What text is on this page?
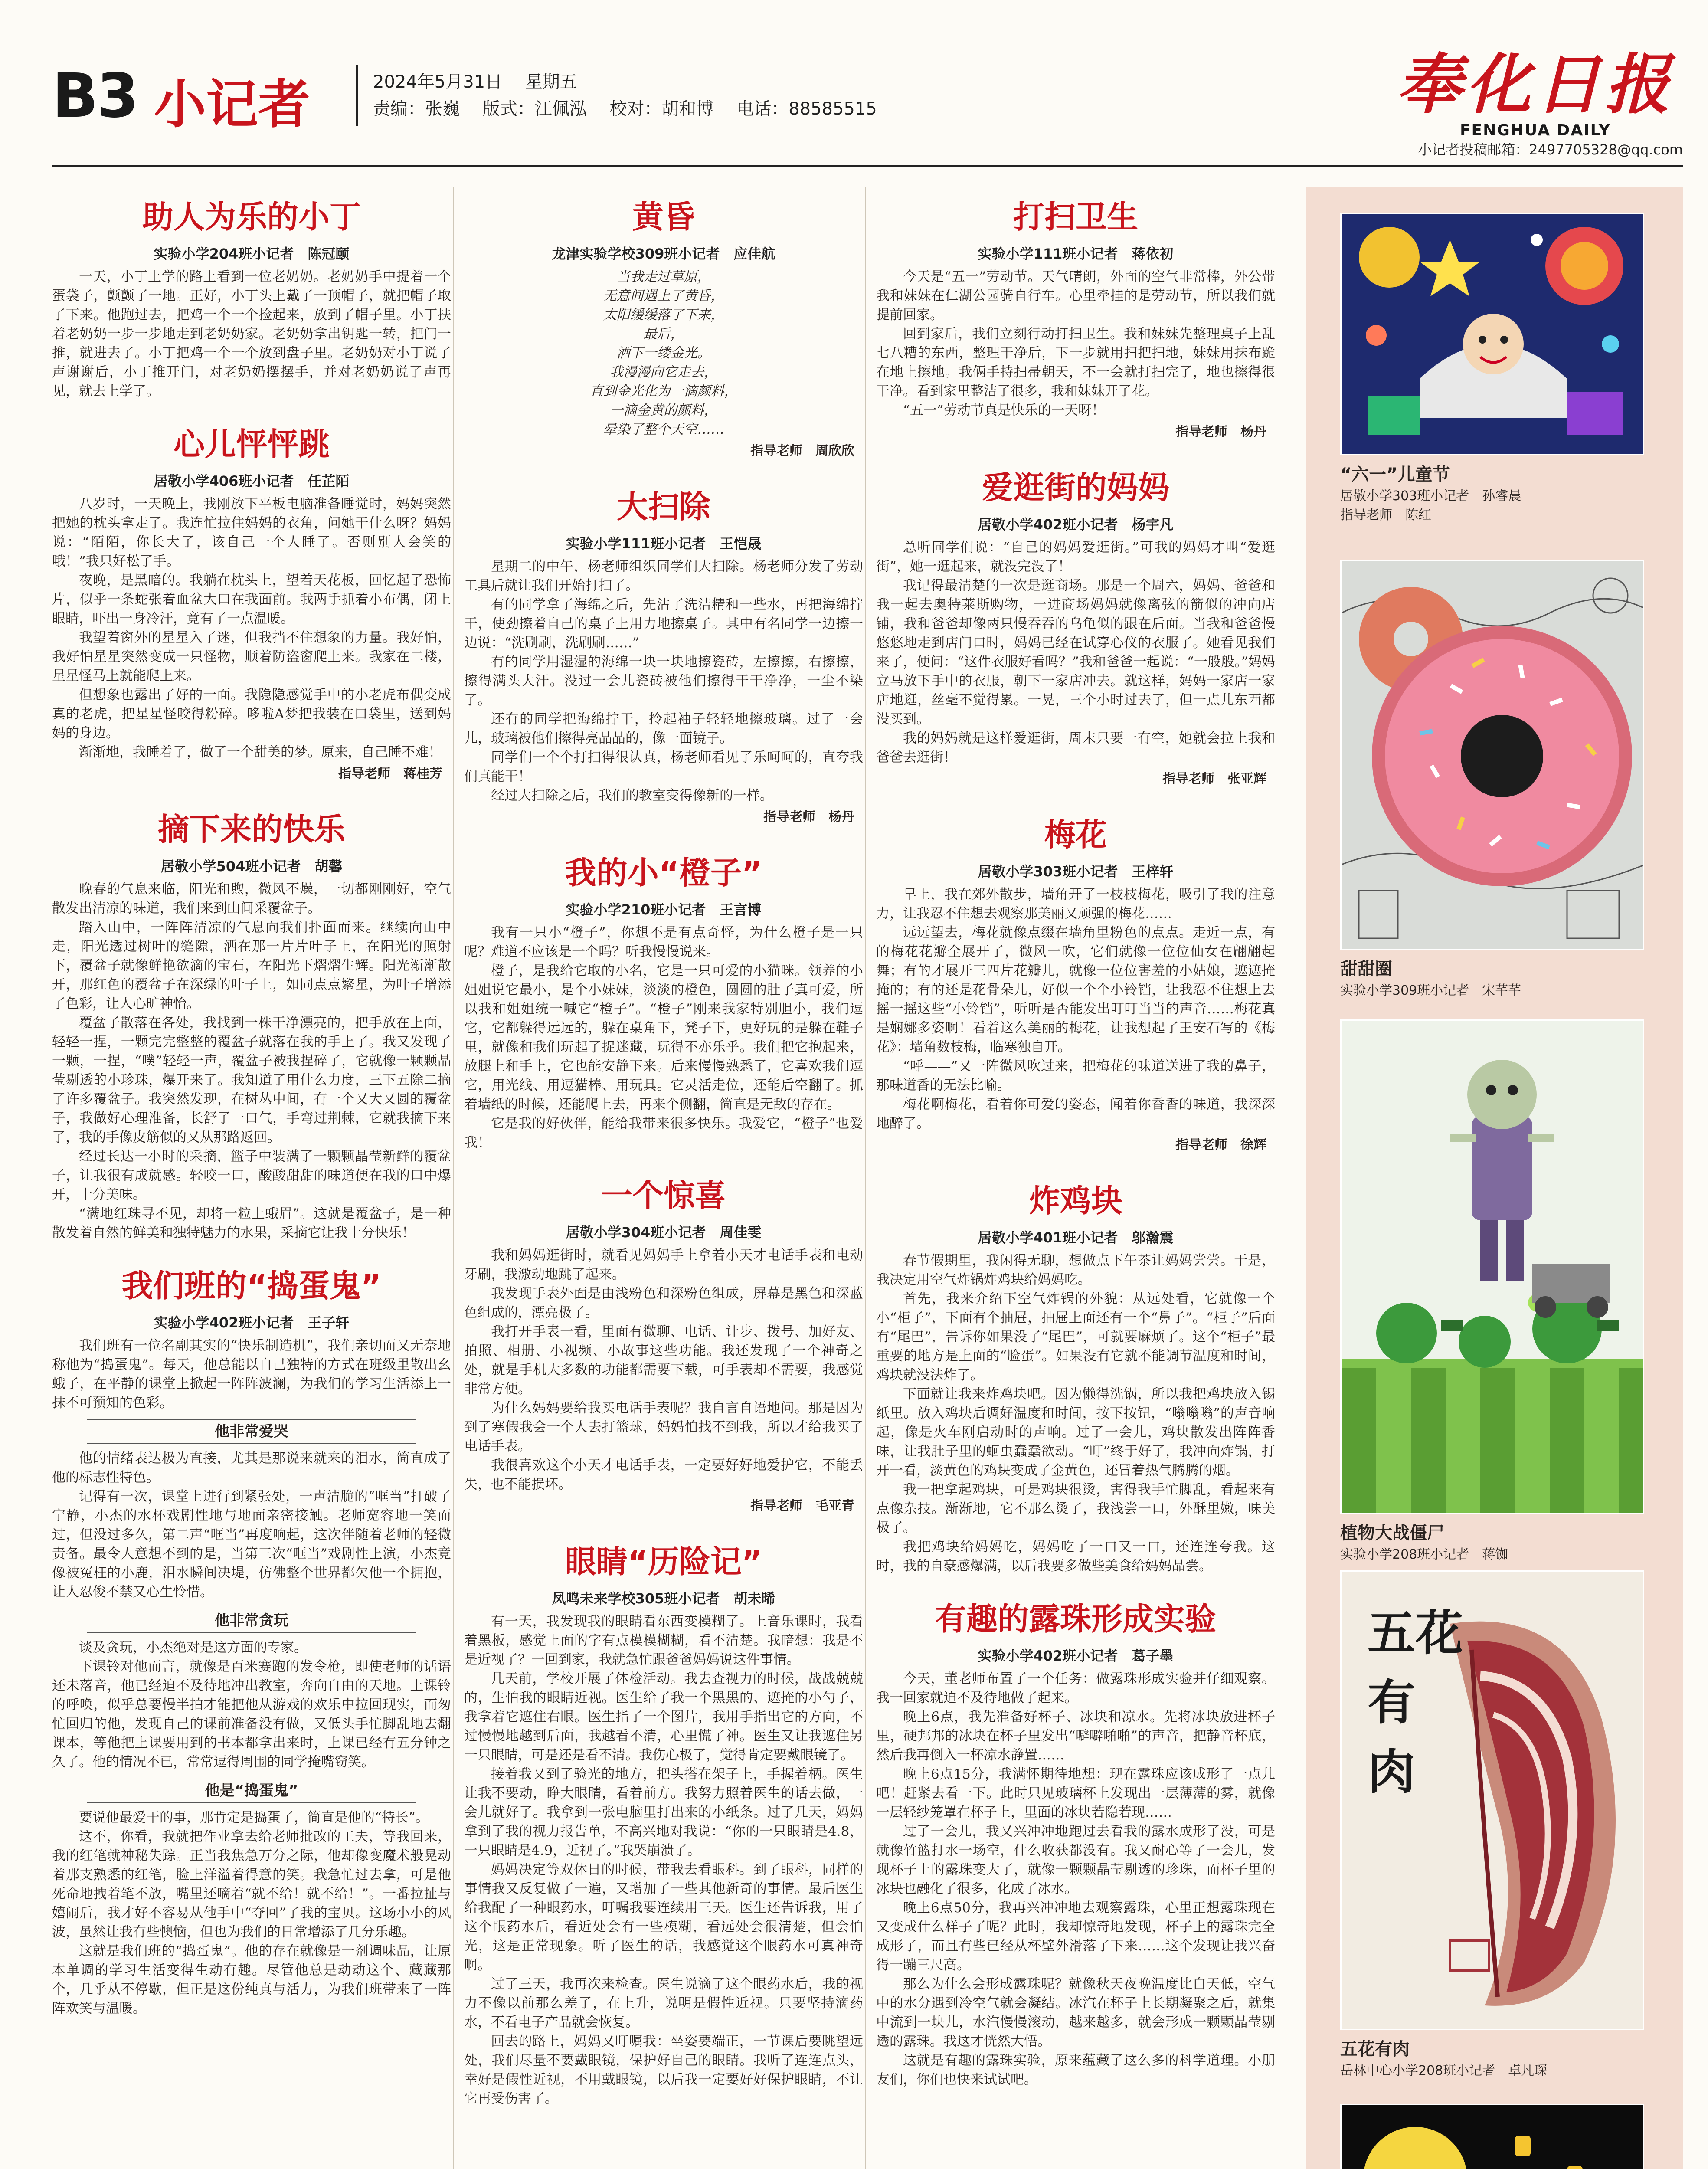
B3 小记者	2024年5月31日 星期五
责编：张巍 版式：江佩泓 校对：胡和博 电话：88585515	奉化日报
FENGHUA DAILY
小记者投稿邮箱：2497705328@qq.com
助人为乐的小丁
实验小学204班小记者　陈冠颐

一天，小丁上学的路上看到一位老奶奶。老奶奶手中提着一个蛋袋子，颤颤了一地。正好，小丁头上戴了一顶帽子，就把帽子取了下来。他跑过去，把鸡一个一个捡起来，放到了帽子里。小丁扶着老奶奶一步一步地走到老奶奶家。老奶奶拿出钥匙一转，把门一推，就进去了。小丁把鸡一个一个放到盘子里。老奶奶对小丁说了声谢谢后，小丁推开门，对老奶奶摆摆手，并对老奶奶说了声再见，就去上学了。

心儿怦怦跳
居敬小学406班小记者　任芷陌

八岁时，一天晚上，我刚放下平板电脑准备睡觉时，妈妈突然把她的枕头拿走了。我连忙拉住妈妈的衣角，问她干什么呀？妈妈说：“陌陌，你长大了，该自己一个人睡了。否则别人会笑的哦！”我只好松了手。

夜晚，是黑暗的。我躺在枕头上，望着天花板，回忆起了恐怖片，似乎一条蛇张着血盆大口在我面前。我两手抓着小布偶，闭上眼睛，吓出一身冷汗，竟有了一点温暖。

我望着窗外的星星入了迷，但我挡不住想象的力量。我好怕，我好怕星星突然变成一只怪物，顺着防盗窗爬上来。我家在二楼，星星怪马上就能爬上来。

但想象也露出了好的一面。我隐隐感觉手中的小老虎布偶变成真的老虎，把星星怪咬得粉碎。哆啦A梦把我装在口袋里，送到妈妈的身边。

渐渐地，我睡着了，做了一个甜美的梦。原来，自己睡不难！

指导老师　蒋桂芳
摘下来的快乐
居敬小学504班小记者　胡馨

晚春的气息来临，阳光和煦，微风不燥，一切都刚刚好，空气散发出清凉的味道，我们来到山间采覆盆子。

踏入山中，一阵阵清凉的气息向我们扑面而来。继续向山中走，阳光透过树叶的缝隙，洒在那一片片叶子上，在阳光的照射下，覆盆子就像鲜艳欲滴的宝石，在阳光下熠熠生辉。阳光渐渐散开，那红色的覆盆子在深绿的叶子上，如同点点繁星，为叶子增添了色彩，让人心旷神怡。

覆盆子散落在各处，我找到一株干净漂亮的，把手放在上面，轻轻一捏，一颗完完整整的覆盆子就落在我的手上了。我又发现了一颗，一捏，“噗”轻轻一声，覆盆子被我捏碎了，它就像一颗颗晶莹剔透的小珍珠，爆开来了。我知道了用什么力度，三下五除二摘了许多覆盆子。我突然发现，在树丛中间，有一个又大又圆的覆盆子，我做好心理准备，长舒了一口气，手弯过荆棘，它就我摘下来了，我的手像皮筋似的又从那路返回。

经过长达一小时的采摘，篮子中装满了一颗颗晶莹新鲜的覆盆子，让我很有成就感。轻咬一口，酸酸甜甜的味道便在我的口中爆开，十分美味。

“满地红珠寻不见，却将一粒上蛾眉”。这就是覆盆子，是一种散发着自然的鲜美和独特魅力的水果，采摘它让我十分快乐！

我们班的“捣蛋鬼”
实验小学402班小记者　王子轩

我们班有一位名副其实的“快乐制造机”，我们亲切而又无奈地称他为“捣蛋鬼”。每天，他总能以自己独特的方式在班级里散出幺蛾子，在平静的课堂上掀起一阵阵波澜，为我们的学习生活添上一抹不可预知的色彩。

他非常爱哭

他的情绪表达极为直接，尤其是那说来就来的泪水，简直成了他的标志性特色。

记得有一次，课堂上进行到紧张处，一声清脆的“哐当”打破了宁静，小杰的水杯戏剧性地与地面亲密接触。老师宽容地一笑而过，但没过多久，第二声“哐当”再度响起，这次伴随着老师的轻微责备。最令人意想不到的是，当第三次“哐当”戏剧性上演，小杰竟像被冤枉的小鹿，泪水瞬间决堤，仿佛整个世界都欠他一个拥抱，让人忍俊不禁又心生怜惜。

他非常贪玩

谈及贪玩，小杰绝对是这方面的专家。

下课铃对他而言，就像是百米赛跑的发令枪，即使老师的话语还未落音，他已经迫不及待地冲出教室，奔向自由的天地。上课铃的呼唤，似乎总要慢半拍才能把他从游戏的欢乐中拉回现实，而匆忙回归的他，发现自己的课前准备没有做，又低头手忙脚乱地去翻课本，等他把上课要用到的书本都拿出来时，上课已经有五分钟之久了。他的情况不已，常常逗得周围的同学掩嘴窃笑。

他是“捣蛋鬼”

要说他最爱干的事，那肯定是捣蛋了，简直是他的“特长”。

这不，你看，我就把作业拿去给老师批改的工夫，等我回来，我的红笔就神秘失踪。正当我焦急万分之际，他却像变魔术般晃动着那支熟悉的红笔，脸上洋溢着得意的笑。我急忙过去拿，可是他死命地拽着笔不放，嘴里还嘀着“就不给！就不给！”。一番拉扯与嬉闹后，我才好不容易从他手中“夺回”了我的宝贝。这场小小的风波，虽然让我有些懊恼，但也为我们的日常增添了几分乐趣。

这就是我们班的“捣蛋鬼”。他的存在就像是一剂调味品，让原本单调的学习生活变得生动有趣。尽管他总是动动这个、藏藏那个，几乎从不停歇，但正是这份纯真与活力，为我们班带来了一阵阵欢笑与温暖。

黄昏
龙津实验学校309班小记者　应佳航

当我走过草原，

无意间遇上了黄昏，

太阳缓缓落了下来，

最后，

洒下一缕金光。

我漫漫向它走去，

直到金光化为一滴颜料，

一滴金黄的颜料，

晕染了整个天空……

指导老师　周欣欣
大扫除
实验小学111班小记者　王恺晟

星期二的中午，杨老师组织同学们大扫除。杨老师分发了劳动工具后就让我们开始打扫了。

有的同学拿了海绵之后，先沾了洗洁精和一些水，再把海绵拧干，使劲擦着自己的桌子上用力地擦桌子。其中有名同学一边擦一边说：“洗刷刷，洗刷刷……”

有的同学用湿湿的海绵一块一块地擦瓷砖，左擦擦，右擦擦，擦得满头大汗。没过一会儿瓷砖被他们擦得干干净净，一尘不染了。

还有的同学把海绵拧干，拎起袖子轻轻地擦玻璃。过了一会儿，玻璃被他们擦得亮晶晶的，像一面镜子。

同学们一个个打扫得很认真，杨老师看见了乐呵呵的，直夸我们真能干！

经过大扫除之后，我们的教室变得像新的一样。

指导老师　杨丹
我的小“橙子”
实验小学210班小记者　王言博

我有一只小“橙子”，你想不是有点奇怪，为什么橙子是一只呢？难道不应该是一个吗？听我慢慢说来。

橙子，是我给它取的小名，它是一只可爱的小猫咪。领养的小姐姐说它最小，是个小妹妹，淡淡的橙色，圆圆的肚子真可爱，所以我和姐姐统一喊它“橙子”。“橙子”刚来我家特别胆小，我们逗它，它都躲得远远的，躲在桌角下，凳子下，更好玩的是躲在鞋子里，就像和我们玩起了捉迷藏，玩得不亦乐乎。我们把它抱起来，放腿上和手上，它也能安静下来。后来慢慢熟悉了，它喜欢我们逗它，用光线、用逗猫棒、用玩具。它灵活走位，还能后空翻了。抓着墙纸的时候，还能爬上去，再来个侧翻，简直是无敌的存在。

它是我的好伙伴，能给我带来很多快乐。我爱它，“橙子”也爱我！

一个惊喜
居敬小学304班小记者　周佳雯

我和妈妈逛街时，就看见妈妈手上拿着小天才电话手表和电动牙刷，我激动地跳了起来。

我发现手表外面是由浅粉色和深粉色组成，屏幕是黑色和深蓝色组成的，漂亮极了。

我打开手表一看，里面有微聊、电话、计步、拨号、加好友、拍照、相册、小视频、小故事这些功能。我还发现了一个神奇之处，就是手机大多数的功能都需要下载，可手表却不需要，我感觉非常方便。

为什么妈妈要给我买电话手表呢？我自言自语地问。那是因为到了寒假我会一个人去打篮球，妈妈怕找不到我，所以才给我买了电话手表。

我很喜欢这个小天才电话手表，一定要好好地爱护它，不能丢失，也不能损坏。

指导老师　毛亚青
眼睛“历险记”
凤鸣未来学校305班小记者　胡未晞

有一天，我发现我的眼睛看东西变模糊了。上音乐课时，我看着黑板，感觉上面的字有点模模糊糊，看不清楚。我暗想：我是不是近视了？一回到家，我就急忙跟爸爸妈妈说这件事情。

几天前，学校开展了体检活动。我去查视力的时候，战战兢兢的，生怕我的眼睛近视。医生给了我一个黑黑的、遮掩的小勺子，我拿着它遮住右眼。医生指了一个图片，我用手指出它的方向，不过慢慢地越到后面，我越看不清，心里慌了神。医生又让我遮住另一只眼睛，可是还是看不清。我伤心极了，觉得肯定要戴眼镜了。

接着我又到了验光的地方，把头搭在架子上，手握着柄。医生让我不要动，睁大眼睛，看着前方。我努力照着医生的话去做，一会儿就好了。我拿到一张电脑里打出来的小纸条。过了几天，妈妈拿到了我的视力报告单，不高兴地对我说：“你的一只眼睛是4.8，一只眼睛是4.9，近视了。”我哭崩溃了。

妈妈决定等双休日的时候，带我去看眼科。到了眼科，同样的事情我又反复做了一遍，又增加了一些其他新奇的事情。最后医生给我配了一种眼药水，叮嘱我要连续用三天。医生还告诉我，用了这个眼药水后，看近处会有一些模糊，看远处会很清楚，但会怕光，这是正常现象。听了医生的话，我感觉这个眼药水可真神奇啊。

过了三天，我再次来检查。医生说滴了这个眼药水后，我的视力不像以前那么差了，在上升，说明是假性近视。只要坚持滴药水，不看电子产品就会恢复。

回去的路上，妈妈又叮嘱我：坐姿要端正，一节课后要眺望远处，我们尽量不要戴眼镜，保护好自己的眼睛。我听了连连点头，幸好是假性近视，不用戴眼镜，以后我一定要好好保护眼睛，不让它再受伤害了。

打扫卫生
实验小学111班小记者　蒋依初

今天是“五一”劳动节。天气晴朗，外面的空气非常棒，外公带我和妹妹在仁湖公园骑自行车。心里牵挂的是劳动节，所以我们就提前回家。

回到家后，我们立刻行动打扫卫生。我和妹妹先整理桌子上乱七八糟的东西，整理干净后，下一步就用扫把扫地，妹妹用抹布跪在地上擦地。我俩手持扫帚朝天，不一会就打扫完了，地也擦得很干净。看到家里整洁了很多，我和妹妹开了花。

“五一”劳动节真是快乐的一天呀！

指导老师　杨丹
爱逛街的妈妈
居敬小学402班小记者　杨宇凡

总听同学们说：“自己的妈妈爱逛街。”可我的妈妈才叫“爱逛街”，她一逛起来，就没完没了！

我记得最清楚的一次是逛商场。那是一个周六，妈妈、爸爸和我一起去奥特莱斯购物，一进商场妈妈就像离弦的箭似的冲向店铺，我和爸爸却像两只慢吞吞的乌龟似的跟在后面。当我和爸爸慢悠悠地走到店门口时，妈妈已经在试穿心仪的衣服了。她看见我们来了，便问：“这件衣服好看吗？”我和爸爸一起说：“一般般。”妈妈立马放下手中的衣服，朝下一家店冲去。就这样，妈妈一家店一家店地逛，丝毫不觉得累。一晃，三个小时过去了，但一点儿东西都没买到。

我的妈妈就是这样爱逛街，周末只要一有空，她就会拉上我和爸爸去逛街！

指导老师　张亚辉
梅花
居敬小学303班小记者　王梓轩

早上，我在郊外散步，墙角开了一枝枝梅花，吸引了我的注意力，让我忍不住想去观察那美丽又顽强的梅花……

远远望去，梅花就像点缀在墙角里粉色的点点。走近一点，有的梅花花瓣全展开了，微风一吹，它们就像一位位仙女在翩翩起舞；有的才展开三四片花瓣儿，就像一位位害羞的小姑娘，遮遮掩掩的；有的还是花骨朵儿，好似一个个小铃铛，让我忍不住想上去摇一摇这些“小铃铛”，听听是否能发出叮叮当当的声音……梅花真是娴娜多姿啊！看着这么美丽的梅花，让我想起了王安石写的《梅花》：墙角数枝梅，临寒独自开。

“呼——”又一阵微风吹过来，把梅花的味道送进了我的鼻子，那味道香的无法比喻。

梅花啊梅花，看着你可爱的姿态，闻着你香香的味道，我深深地醉了。

指导老师　徐辉
炸鸡块
居敬小学401班小记者　邬瀚震

春节假期里，我闲得无聊，想做点下午茶让妈妈尝尝。于是，我决定用空气炸锅炸鸡块给妈妈吃。

首先，我来介绍下空气炸锅的外貌：从远处看，它就像一个小“柜子”，下面有个抽屉，抽屉上面还有一个“鼻子”。“柜子”后面有“尾巴”，告诉你如果没了“尾巴”，可就要麻烦了。这个“柜子”最重要的地方是上面的“脸蛋”。如果没有它就不能调节温度和时间，鸡块就没法炸了。

下面就让我来炸鸡块吧。因为懒得洗锅，所以我把鸡块放入锡纸里。放入鸡块后调好温度和时间，按下按钮，“嗡嗡嗡”的声音响起，像是火车刚启动时的声响。过了一会儿，鸡块散发出阵阵香味，让我肚子里的蛔虫蠢蠢欲动。“叮”终于好了，我冲向炸锅，打开一看，淡黄色的鸡块变成了金黄色，还冒着热气腾腾的烟。

我一把拿起鸡块，可是鸡块很烫，害得我手忙脚乱，看起来有点像杂技。渐渐地，它不那么烫了，我浅尝一口，外酥里嫩，味美极了。

我把鸡块给妈妈吃，妈妈吃了一口又一口，还连连夸我。这时，我的自豪感爆满，以后我要多做些美食给妈妈品尝。

有趣的露珠形成实验
实验小学402班小记者　葛子墨

今天，董老师布置了一个任务：做露珠形成实验并仔细观察。我一回家就迫不及待地做了起来。

晚上6点，我先准备好杯子、冰块和凉水。先将冰块放进杯子里，硬邦邦的冰块在杯子里发出“噼噼啪啪”的声音，把静音杯底，然后我再倒入一杯凉水静置……

晚上6点15分，我满怀期待地想：现在露珠应该成形了一点儿吧！赶紧去看一下。此时只见玻璃杯上发现出一层薄薄的雾，就像一层轻纱笼罩在杯子上，里面的冰块若隐若现……

过了一会儿，我又兴冲冲地跑过去看我的露水成形了没，可是就像竹篮打水一场空，什么收获都没有。我又耐心等了一会儿，发现杯子上的露珠变大了，就像一颗颗晶莹剔透的珍珠，而杯子里的冰块也融化了很多，化成了冰水。

晚上6点50分，我再兴冲冲地去观察露珠，心里正想露珠现在又变成什么样子了呢？此时，我却惊奇地发现，杯子上的露珠完全成形了，而且有些已经从杯壁外滑落了下来……这个发现让我兴奋得一蹦三尺高。

那么为什么会形成露珠呢？就像秋天夜晚温度比白天低，空气中的水分遇到冷空气就会凝结。冰汽在杯子上长期凝聚之后，就集中流到一块儿，水汽慢慢滚动，越来越多，就会形成一颗颗晶莹剔透的露珠。我这才恍然大悟。

这就是有趣的露珠实验，原来蕴藏了这么多的科学道理。小朋友们，你们也快来试试吧。

“六一”儿童节
居敬小学303班小记者　孙睿晨
指导老师　陈红
甜甜圈
实验小学309班小记者　宋芊芊
植物大战僵尸
实验小学208班小记者　蒋铷
五花
有
肉
五花有肉
岳林中心小学208班小记者　卓凡琛
